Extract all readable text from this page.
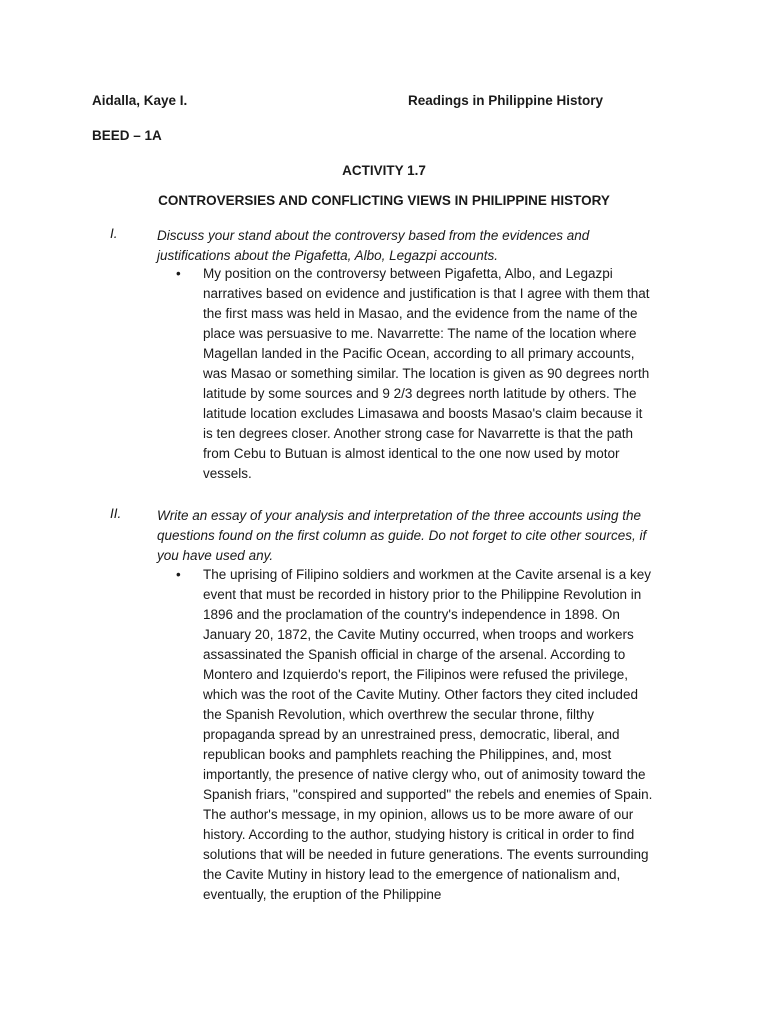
Aidalla, Kaye I.	Readings in Philippine History
BEED – 1A
ACTIVITY 1.7
CONTROVERSIES AND CONFLICTING VIEWS IN PHILIPPINE HISTORY
I.	Discuss your stand about the controversy based from the evidences and justifications about the Pigafetta, Albo, Legazpi accounts.

• My position on the controversy between Pigafetta, Albo, and Legazpi narratives based on evidence and justification is that I agree with them that the first mass was held in Masao, and the evidence from the name of the place was persuasive to me. Navarrette: The name of the location where Magellan landed in the Pacific Ocean, according to all primary accounts, was Masao or something similar. The location is given as 90 degrees north latitude by some sources and 9 2/3 degrees north latitude by others. The latitude location excludes Limasawa and boosts Masao's claim because it is ten degrees closer. Another strong case for Navarrette is that the path from Cebu to Butuan is almost identical to the one now used by motor vessels.

II.	Write an essay of your analysis and interpretation of the three accounts using the questions found on the first column as guide. Do not forget to cite other sources, if you have used any.

• The uprising of Filipino soldiers and workmen at the Cavite arsenal is a key event that must be recorded in history prior to the Philippine Revolution in 1896 and the proclamation of the country's independence in 1898. On January 20, 1872, the Cavite Mutiny occurred, when troops and workers assassinated the Spanish official in charge of the arsenal. According to Montero and Izquierdo's report, the Filipinos were refused the privilege, which was the root of the Cavite Mutiny. Other factors they cited included the Spanish Revolution, which overthrew the secular throne, filthy propaganda spread by an unrestrained press, democratic, liberal, and republican books and pamphlets reaching the Philippines, and, most importantly, the presence of native clergy who, out of animosity toward the Spanish friars, "conspired and supported" the rebels and enemies of Spain. The author's message, in my opinion, allows us to be more aware of our history. According to the author, studying history is critical in order to find solutions that will be needed in future generations. The events surrounding the Cavite Mutiny in history lead to the emergence of nationalism and, eventually, the eruption of the Philippine
